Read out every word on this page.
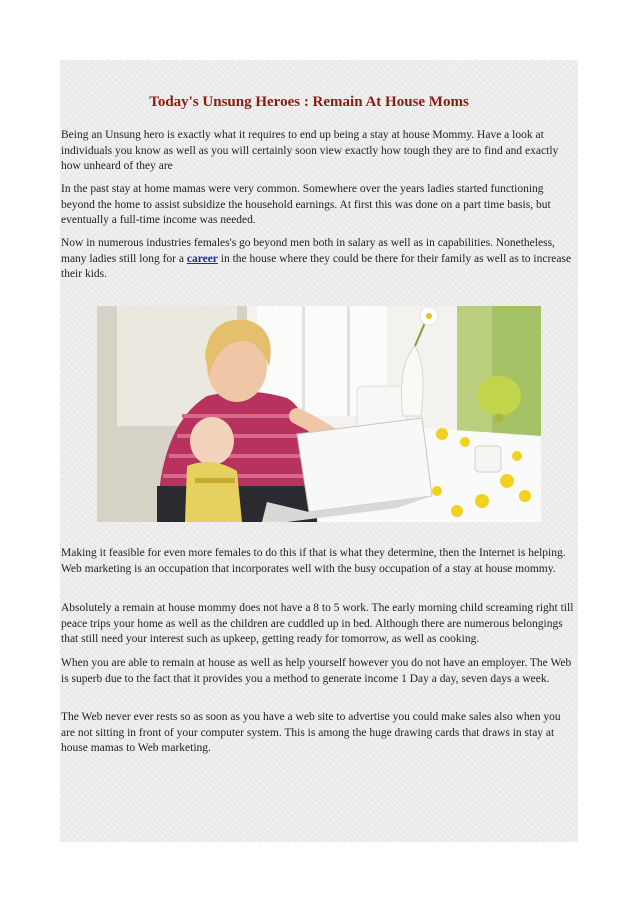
Today's Unsung Heroes : Remain At House Moms

Being an Unsung hero is exactly what it requires to end up being a stay at house Mommy. Have a look at individuals you know as well as you will certainly soon view exactly how tough they are to find and exactly how unheard of they are

In the past stay at home mamas were very common. Somewhere over the years ladies started functioning beyond the home to assist subsidize the household earnings. At first this was done on a part time basis, but eventually a full-time income was needed.

Now in numerous industries females's go beyond men both in salary as well as in capabilities. Nonetheless, many ladies still long for a career in the house where they could be there for their family as well as to increase their kids.

Making it feasible for even more females to do this if that is what they determine, then the Internet is helping. Web marketing is an occupation that incorporates well with the busy occupation of a stay at house mommy.

Absolutely a remain at house mommy does not have a 8 to 5 work. The early morning child screaming right till peace trips your home as well as the children are cuddled up in bed. Although there are numerous belongings that still need your interest such as upkeep, getting ready for tomorrow, as well as cooking.

When you are able to remain at house as well as help yourself however you do not have an employer. The Web is superb due to the fact that it provides you a method to generate income 1 Day a day, seven days a week.

The Web never ever rests so as soon as you have a web site to advertise you could make sales also when you are not sitting in front of your computer system. This is among the huge drawing cards that draws in stay at house mamas to Web marketing.
